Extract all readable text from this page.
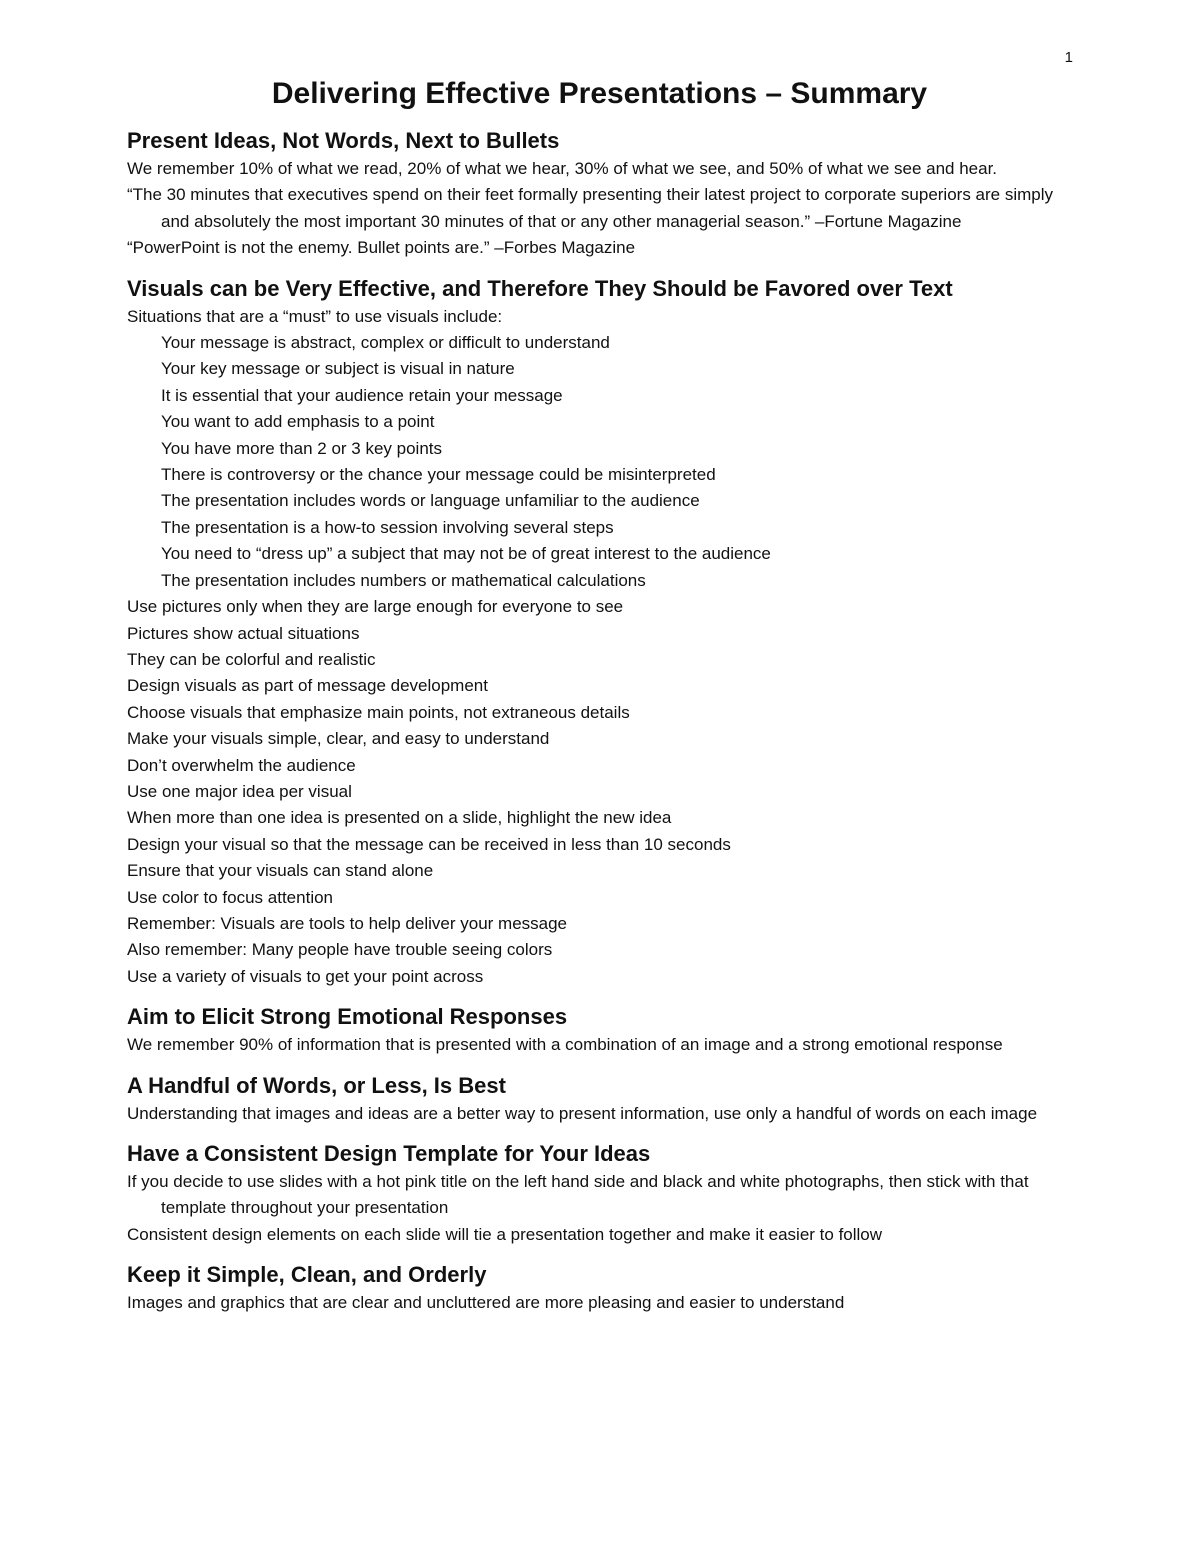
1
Delivering Effective Presentations – Summary
Present Ideas, Not Words, Next to Bullets

We remember 10% of what we read, 20% of what we hear, 30% of what we see, and 50% of what we see and hear.

“The 30 minutes that executives spend on their feet formally presenting their latest project to corporate superiors are simply and absolutely the most important 30 minutes of that or any other managerial season.” –Fortune Magazine

“PowerPoint is not the enemy. Bullet points are.” –Forbes Magazine

Visuals can be Very Effective, and Therefore They Should be Favored over Text

Situations that are a “must” to use visuals include:

Your message is abstract, complex or difficult to understand

Your key message or subject is visual in nature

It is essential that your audience retain your message

You want to add emphasis to a point

You have more than 2 or 3 key points

There is controversy or the chance your message could be misinterpreted

The presentation includes words or language unfamiliar to the audience

The presentation is a how-to session involving several steps

You need to “dress up” a subject that may not be of great interest to the audience

The presentation includes numbers or mathematical calculations

Use pictures only when they are large enough for everyone to see

Pictures show actual situations

They can be colorful and realistic

Design visuals as part of message development

Choose visuals that emphasize main points, not extraneous details

Make your visuals simple, clear, and easy to understand

Don’t overwhelm the audience

Use one major idea per visual

When more than one idea is presented on a slide, highlight the new idea

Design your visual so that the message can be received in less than 10 seconds

Ensure that your visuals can stand alone

Use color to focus attention

Remember: Visuals are tools to help deliver your message

Also remember: Many people have trouble seeing colors

Use a variety of visuals to get your point across

Aim to Elicit Strong Emotional Responses

We remember 90% of information that is presented with a combination of an image and a strong emotional response

A Handful of Words, or Less, Is Best

Understanding that images and ideas are a better way to present information, use only a handful of words on each image

Have a Consistent Design Template for Your Ideas

If you decide to use slides with a hot pink title on the left hand side and black and white photographs, then stick with that template throughout your presentation

Consistent design elements on each slide will tie a presentation together and make it easier to follow

Keep it Simple, Clean, and Orderly

Images and graphics that are clear and uncluttered are more pleasing and easier to understand
